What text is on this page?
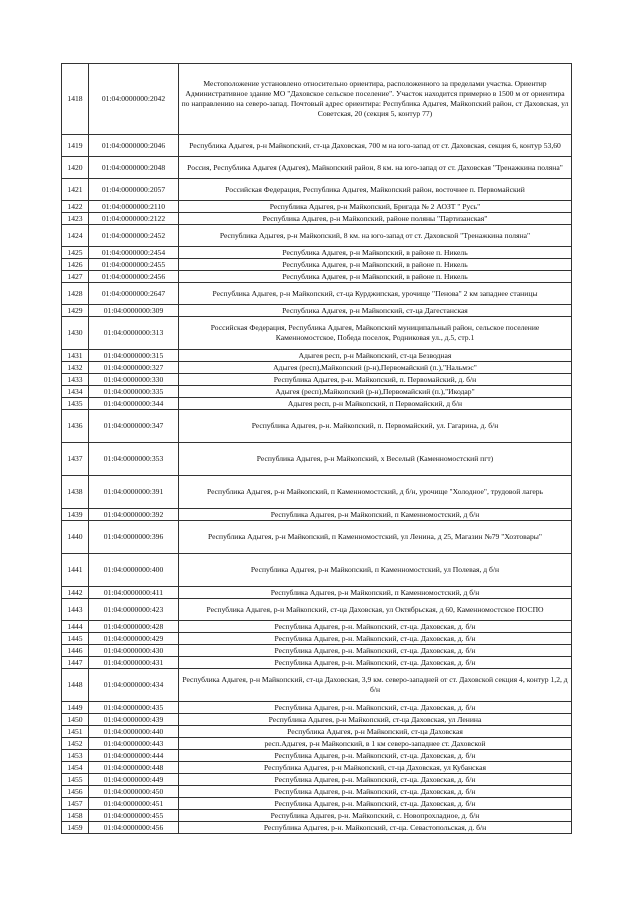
1418	01:04:0000000:2042	Местоположение установлено относительно ориентира, расположенного за пределами участка. Ориентир Административное здание МО "Даховское сельское поселение". Участок находится примерно в 1500 м от ориентира по направлению на северо-запад. Почтовый адрес ориентира: Республика Адыгея, Майкопский район, ст Даховская, ул Советская, 20 (секция 5, контур 77)
1419	01:04:0000000:2046	Республика Адыгея, р-н Майкопский, ст-ца Даховская, 700 м на юго-запад от ст. Даховская, секция 6, контур 53,60
1420	01:04:0000000:2048	Россия, Республика Адыгея (Адыгея), Майкопский район, 8 км. на юго-запад от ст. Даховская "Тренажкина поляна"
1421	01:04:0000000:2057	Российская Федерация, Республика Адыгея, Майкопский район, восточнее п. Первомайский
1422	01:04:0000000:2110	Республика Адыгея, р-н Майкопский, Бригада № 2 АОЗТ " Русь"
1423	01:04:0000000:2122	Республика Адыгея, р-н Майкопский, районе поляны "Партизанская"
1424	01:04:0000000:2452	Республика Адыгея, р-н Майкопский, 8 км. на юго-запад от ст. Даховской "Тренажкина поляна"
1425	01:04:0000000:2454	Республика Адыгея, р-н Майкопский, в районе п. Никель
1426	01:04:0000000:2455	Республика Адыгея, р-н Майкопский, в районе п. Никель
1427	01:04:0000000:2456	Республика Адыгея, р-н Майкопский, в районе п. Никель
1428	01:04:0000000:2647	Республика Адыгея, р-н Майкопский, ст-ца Курджипская, урочище "Пенова" 2 км западнее станицы
1429	01:04:0000000:309	Республика Адыгея, р-н Майкопский, ст-ца Дагестанская
1430	01:04:0000000:313	Российская Федерация, Республика Адыгея, Майкопский муниципальный район, сельское поселение Каменномостское, Победа поселок, Родниковая ул., д.5, стр.1
1431	01:04:0000000:315	Адыгея респ, р-н Майкопский, ст-ца Безводная
1432	01:04:0000000:327	Адыгея (респ),Майкопский (р-н),Первомайский (п.),"Нальмэс"
1433	01:04:0000000:330	Республика Адыгея, р-н. Майкопский, п. Первомайский, д. б/н
1434	01:04:0000000:335	Адыгея (респ),Майкопский (р-н),Первомайский (п.),"Икодар"
1435	01:04:0000000:344	Адыгея респ, р-н Майкопский, п Первомайский, д б/н
1436	01:04:0000000:347	Республика Адыгея, р-н. Майкопский, п. Первомайский, ул. Гагарина, д. б/н
1437	01:04:0000000:353	Республика Адыгея, р-н Майкопский, х Веселый (Каменномостский пгт)
1438	01:04:0000000:391	Республика Адыгея, р-н Майкопский, п Каменномостский, д б/н, урочище "Холодное", трудовой лагерь
1439	01:04:0000000:392	Республика Адыгея, р-н Майкопский, п Каменномостский, д б/н
1440	01:04:0000000:396	Республика Адыгея, р-н Майкопский, п Каменномостский, ул Ленина, д 25, Магазин №79 "Хозтовары"
1441	01:04:0000000:400	Республика Адыгея, р-н Майкопский, п Каменномостский, ул Полевая, д б/н
1442	01:04:0000000:411	Республика Адыгея, р-н Майкопский, п Каменномостский, д б/н
1443	01:04:0000000:423	Республика Адыгея, р-н Майкопский, ст-ца Даховская, ул Октябрьская, д 60, Каменномостское ПОСПО
1444	01:04:0000000:428	Республика Адыгея, р-н. Майкопский, ст-ца. Даховская, д. б/н
1445	01:04:0000000:429	Республика Адыгея, р-н. Майкопский, ст-ца. Даховская, д. б/н
1446	01:04:0000000:430	Республика Адыгея, р-н. Майкопский, ст-ца. Даховская, д. б/н
1447	01:04:0000000:431	Республика Адыгея, р-н. Майкопский, ст-ца. Даховская, д. б/н
1448	01:04:0000000:434	Республика Адыгея, р-н Майкопский, ст-ца Даховская, 3,9 км. северо-западней от ст. Даховской секция 4, контур 1,2, д б/н
1449	01:04:0000000:435	Республика Адыгея, р-н. Майкопский, ст-ца. Даховская, д. б/н
1450	01:04:0000000:439	Республика Адыгея, р-н Майкопский, ст-ца Даховская, ул Ленина
1451	01:04:0000000:440	Республика Адыгея, р-н Майкопский, ст-ца Даховская
1452	01:04:0000000:443	респ.Адыгея, р-н Майкопский, в 1 км северо-западнее ст. Даховской
1453	01:04:0000000:444	Республика Адыгея, р-н. Майкопский, ст-ца. Даховская, д. б/н
1454	01:04:0000000:448	Республика Адыгея, р-н Майкопский, ст-ца Даховская, ул Кубанская
1455	01:04:0000000:449	Республика Адыгея, р-н. Майкопский, ст-ца. Даховская, д. б/н
1456	01:04:0000000:450	Республика Адыгея, р-н. Майкопский, ст-ца. Даховская, д. б/н
1457	01:04:0000000:451	Республика Адыгея, р-н. Майкопский, ст-ца. Даховская, д. б/н
1458	01:04:0000000:455	Республика Адыгея, р-н. Майкопский, с. Новопрохладное, д. б/н
1459	01:04:0000000:456	Республика Адыгея, р-н. Майкопский, ст-ца. Севастопольская, д. б/н
